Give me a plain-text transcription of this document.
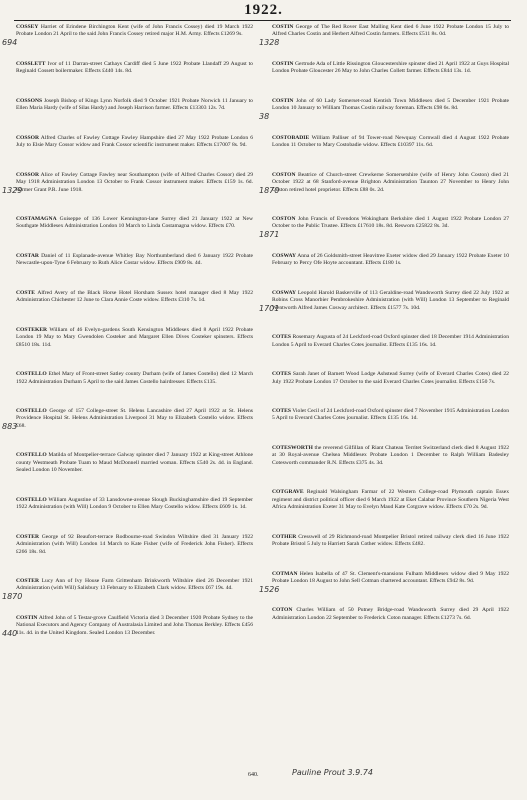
1922.
COSSEY Harriet of Erindene Birchington Kent (wife of John Francis Cossey) died 19 March 1922 Probate London 21 April to the said John Francis Cossey retired major H.M. Army. Effects £1269 9s.
COSSLETT Ivor of 11 Darran-street Cathays Cardiff died 5 June 1922 Probate Llandaff 29 August to Reginald Cossett boilermaker. Effects £440 14s. 8d.
COSSONS Joseph Bishop of Kings Lynn Norfolk died 9 October 1921 Probate Norwich 11 January to Ellen Maria Hardy (wife of Silas Hardy) and Joseph Harrison farmer. Effects £13303 12s. 7d.
COSSOR Alfred Charles of Fawley Cottage Fawley Hampshire died 27 May 1922 Probate London 6 July to Elsie Mary Cossor widow and Frank Cossor scientific instrument maker. Effects £17007 8s. 9d.
COSSOR Alice of Fawley Cottage Fawley near Southampton (wife of Alfred Charles Cossor) died 29 May 1918 Administration London 13 October to Frank Cossor instrument maker. Effects £159 1s. 6d. Former Grant P.R. June 1918.
COSTAMAGNA Guiseppe of 136 Lower Kennington-lane Surrey died 21 January 1922 at New Southgate Middlesex Administration London 10 March to Linda Costamagna widow. Effects £70.
COSTAR Daniel of 11 Esplanade-avenue Whitley Bay Northumberland died 6 January 1922 Probate Newcastle-upon-Tyne 6 February to Ruth Alice Costar widow. Effects £909 8s. 4d.
COSTE Alfred Avery of the Black Horse Hotel Horsham Sussex hotel manager died 8 May 1922 Administration Chichester 12 June to Clara Annie Coste widow. Effects £310 7s. 1d.
COSTEKER William of 46 Evelyn-gardens South Kensington Middlesex died 8 April 1922 Probate London 19 May to Mary Gwendolen Costeker and Margaret Ellen Dives Costeker spinsters. Effects £8510 18s. 11d.
COSTELLO Ethel Mary of Front-street Satley county Durham (wife of James Costello) died 12 March 1922 Administration Durham 5 April to the said James Costello hairdresser. Effects £135.
COSTELLO George of 157 College-street St. Helens Lancashire died 27 April 1922 at St. Helens Providence Hospital St. Helens Administration Liverpool 31 May to Elizabeth Costello widow. Effects £68.
COSTELLO Matilda of Montpelier-terrace Galway spinster died 7 January 1922 at King-street Athlone county Westmeath Probate Tuam to Maud McDonnell married woman. Effects £540 2s. 4d. in England. Sealed London 10 November.
COSTELLO William Augustine of 33 Lansdowne-avenue Slough Buckinghamshire died 19 September 1922 Administration (with Will) London 9 October to Ellen Mary Costello widow. Effects £609 1s. 1d.
COSTER George of 92 Beaufort-terrace Rodbourne-road Swindon Wiltshire died 31 January 1922 Administration (with Will) London 14 March to Kate Fisher (wife of Frederick John Fisher). Effects £266 18s. 8d.
COSTER Lucy Ann of Ivy House Farm Grittenham Brinkworth Wiltshire died 26 December 1921 Administration (with Will) Salisbury 13 February to Elizabeth Clark widow. Effects £67 19s. 4d.
COSTIN Alfred John of 5 Testar-grove Caulfield Victoria died 3 December 1920 Probate Sydney to the National Executors and Agency Company of Australasia Limited and John Thomas Berkley. Effects £456 11s. 4d. in the United Kingdom. Sealed London 13 December.
COSTIN George of The Red Rover East Malling Kent died 6 June 1922 Probate London 15 July to Alfred Charles Costin and Herbert Alfred Costin farmers. Effects £511 8s. 0d.
COSTIN Gertrude Ada of Little Rissington Gloucestershire spinster died 21 April 1922 at Guys Hospital London Probate Gloucester 26 May to John Charles Collett farmer. Effects £844 13s. 1d.
COSTIN John of 60 Lady Somerset-road Kentish Town Middlesex died 5 December 1921 Probate London 10 January to William Thomas Costin railway foreman. Effects £98 6s. 8d.
COSTOBADIE William Palliser of 94 Tower-road Newquay Cornwall died 4 August 1922 Probate London 11 October to Mary Costobadie widow. Effects £10397 11s. 6d.
COSTON Beatrice of Church-street Crewkerne Somersetshire (wife of Henry John Coston) died 21 October 1922 at 68 Stanford-avenue Brighton Administration Taunton 27 November to Henry John Coston retired hotel proprietor. Effects £88 0s. 2d.
COSTON John Francis of Evendons Wokingham Berkshire died 1 August 1922 Probate London 27 October to the Public Trustee. Effects £17610 18s. 8d. Resworn £25822 8s. 3d.
COSWAY Anna of 26 Goldsmith-street Heavitree Exeter widow died 29 January 1922 Probate Exeter 10 February to Percy Ofe Hoyte accountant. Effects £180 1s.
COSWAY Leopold Harold Baskerville of 113 Geraldine-road Wandsworth Surrey died 22 July 1922 at Robins Cross Manorbier Pembrokeshire Administration (with Will) London 13 September to Reginald Wentworth Alfred James Cosway architect. Effects £1577 7s. 10d.
COTES Rosemary Augusta of 24 Leckford-road Oxford spinster died 18 December 1914 Administration London 5 April to Everard Charles Cotes journalist. Effects £135 16s. 1d.
COTES Sarah Janet of Barnett Wood Lodge Ashstead Surrey (wife of Everard Charles Cotes) died 22 July 1922 Probate London 17 October to the said Everard Charles Cotes journalist. Effects £150 7s.
COTES Violet Cecil of 24 Leckford-road Oxford spinster died 7 November 1915 Administration London 5 April to Everard Charles Cotes journalist. Effects £135 16s. 1d.
COTESWORTH the reverend Gilfillan of Riant Chateau Territet Switzerland clerk died 8 August 1922 at 30 Royal-avenue Chelsea Middlesex Probate London 1 December to Ralph William Badesley Cotesworth commander R.N. Effects £375 4s. 3d.
COTGRAVE Reginald Walsingham Farmar of 22 Western College-road Plymouth captain Essex regiment and district political officer died 6 March 1922 at Eket Calabar Province Southern Nigeria West Africa Administration Exeter 31 May to Evelyn Maud Kate Cotgrave widow. Effects £70 2s. 9d.
COTHER Cresswell of 29 Richmond-road Montpelier Bristol retired railway clerk died 16 June 1922 Probate Bristol 5 July to Harriett Sarah Cother widow. Effects £482.
COTMAN Helen Isabella of 47 St. Clement's-mansions Fulham Middlesex widow died 9 May 1922 Probate London 18 August to John Sell Cotman chartered accountant. Effects £942 8s. 9d.
COTON Charles William of 50 Putney Bridge-road Wandsworth Surrey died 29 April 1922 Administration London 22 September to Frederick Coton manager. Effects £1273 7s. 6d.
640.	Pauline Prout 3.9.74
694	1328
38
1329	1870
1871
1701
883
1870
440
1526
